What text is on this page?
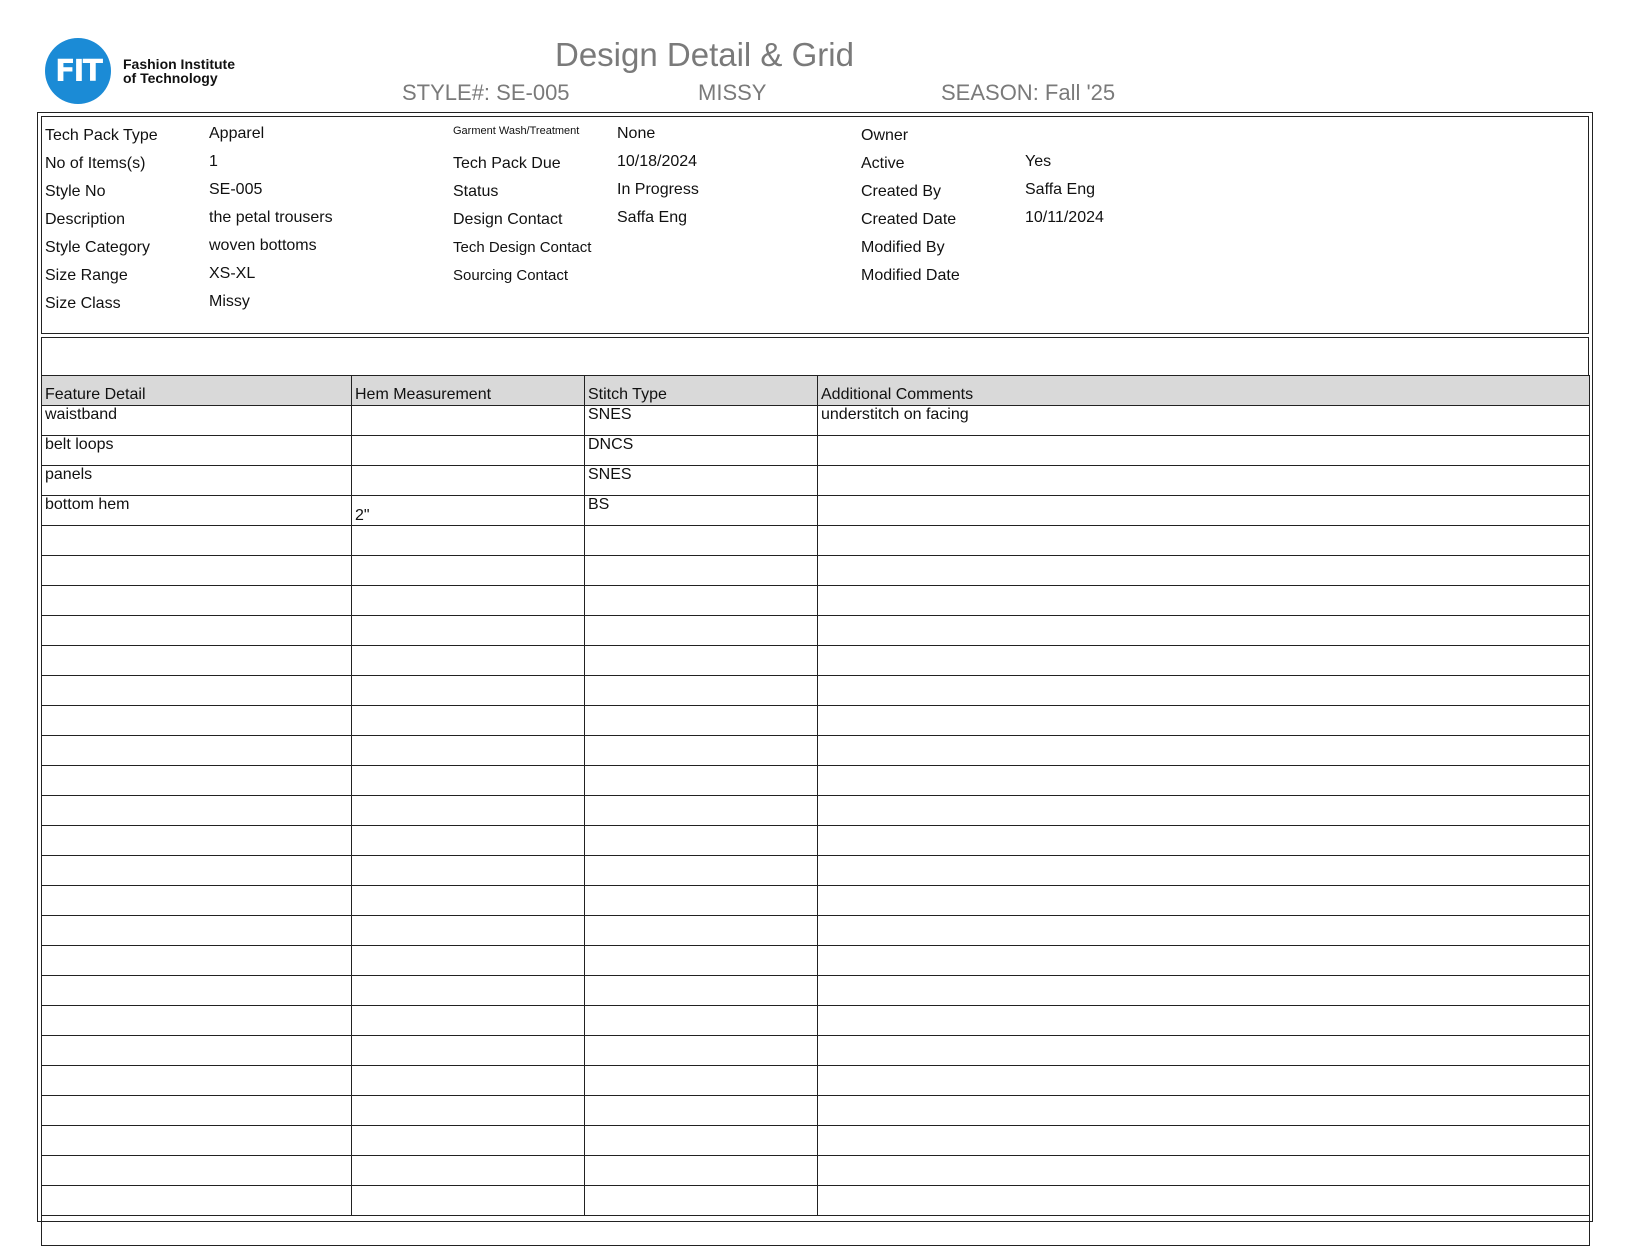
FIT	Fashion Institute
of Technology
Design Detail & Grid
STYLE#: SE-005	MISSY	SEASON: Fall '25
Tech Pack Type	Apparel
No of Items(s)	1
Style No	SE-005
Description	the petal trousers
Style Category	woven bottoms
Size Range	XS-XL
Size Class	Missy
Garment Wash/Treatment None
Tech Pack Due	10/18/2024
Status	In Progress
Design Contact	Saffa Eng
Tech Design Contact
Sourcing Contact
Owner
Active	Yes
Created By	Saffa Eng
Created Date	10/11/2024
Modified By
Modified Date
Feature Detail	Hem Measurement	Stitch Type	Additional Comments
waistband		SNES	understitch on facing
belt loops		DNCS	
panels		SNES	
bottom hem	2"	BS	
